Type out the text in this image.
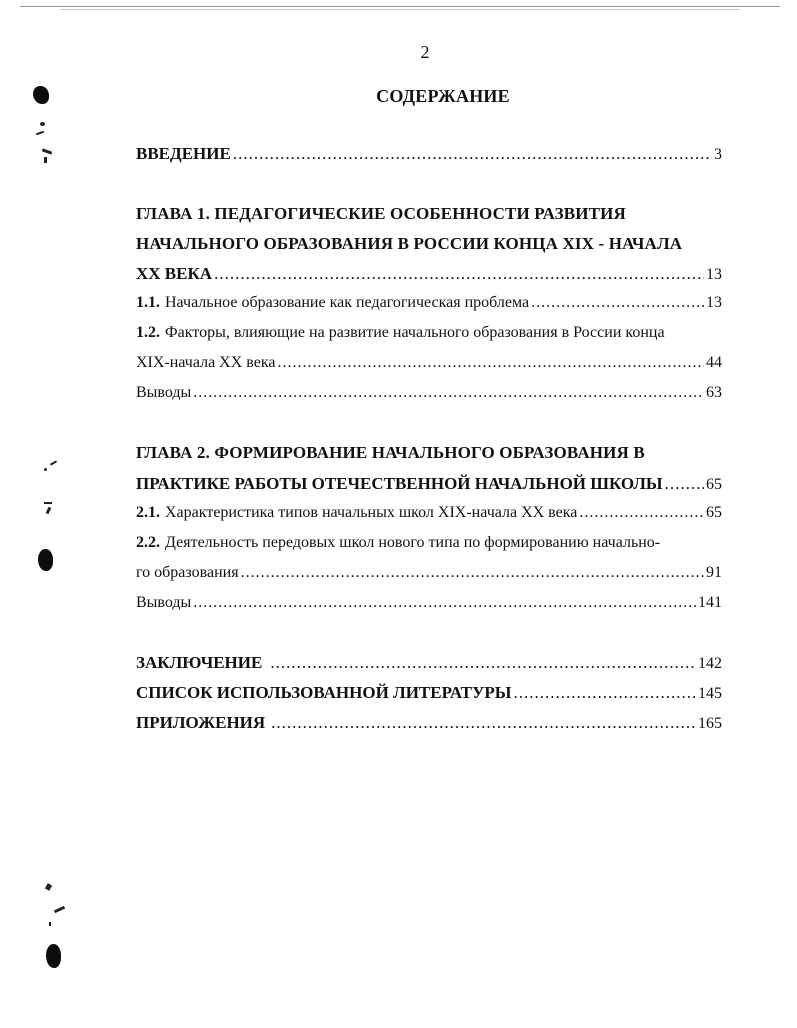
2
СОДЕРЖАНИЕ
ВВЕДЕНИЕ .....	3
ГЛАВА 1. ПЕДАГОГИЧЕСКИЕ ОСОБЕННОСТИ РАЗВИТИЯ
НАЧАЛЬНОГО ОБРАЗОВАНИЯ В РОССИИ КОНЦА XIX - НАЧАЛА
XX ВЕКА .....	13
1.1. Начальное образование как педагогическая проблема .....	13
1.2. Факторы, влияющие на развитие начального образования в России конца
XIX-начала XX века .....	44
Выводы .....	63
ГЛАВА 2. ФОРМИРОВАНИЕ НАЧАЛЬНОГО ОБРАЗОВАНИЯ В
ПРАКТИКЕ РАБОТЫ ОТЕЧЕСТВЕННОЙ НАЧАЛЬНОЙ ШКОЛЫ .....	65
2.1. Характеристика типов начальных школ XIX-начала XX века .....	65
2.2. Деятельность передовых школ нового типа по формированию начально-
го образования .....	91
Выводы .....	141
ЗАКЛЮЧЕНИЕ .....	142
СПИСОК ИСПОЛЬЗОВАННОЙ ЛИТЕРАТУРЫ .....	145
ПРИЛОЖЕНИЯ .....	165
